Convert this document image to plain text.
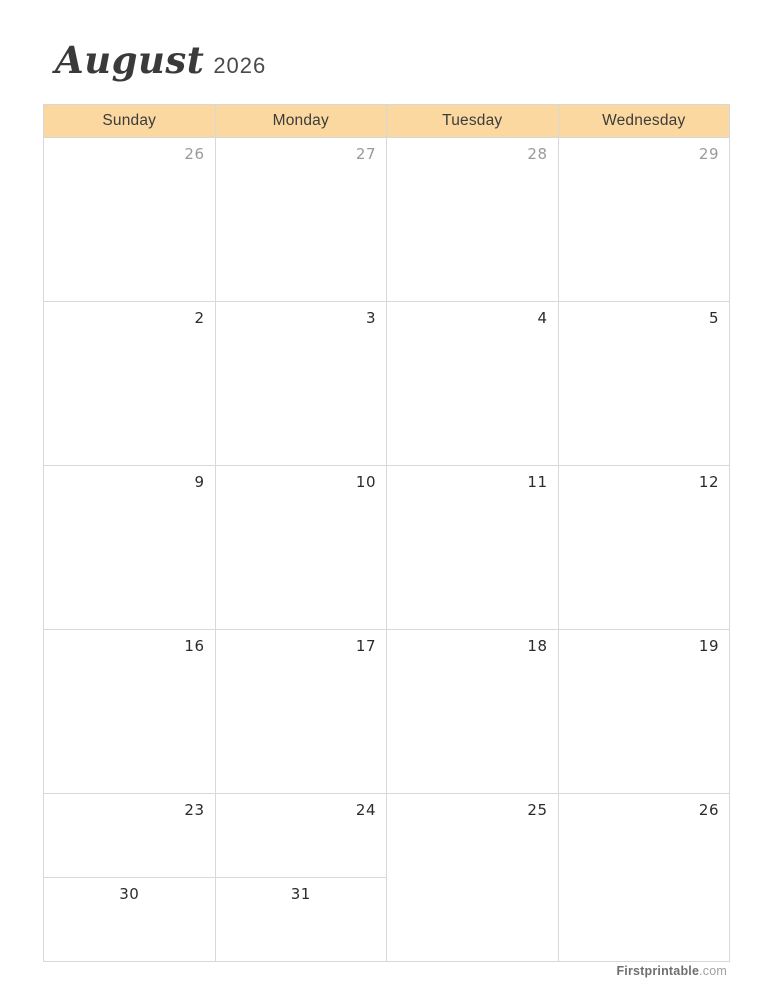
August 2026
Sunday	Monday	Tuesday	Wednesday

26	27	28	29

2	3	4	5

9	10	11	12

16	17	18	19

23	24	25	26

30	31		
Firstprintable.com
